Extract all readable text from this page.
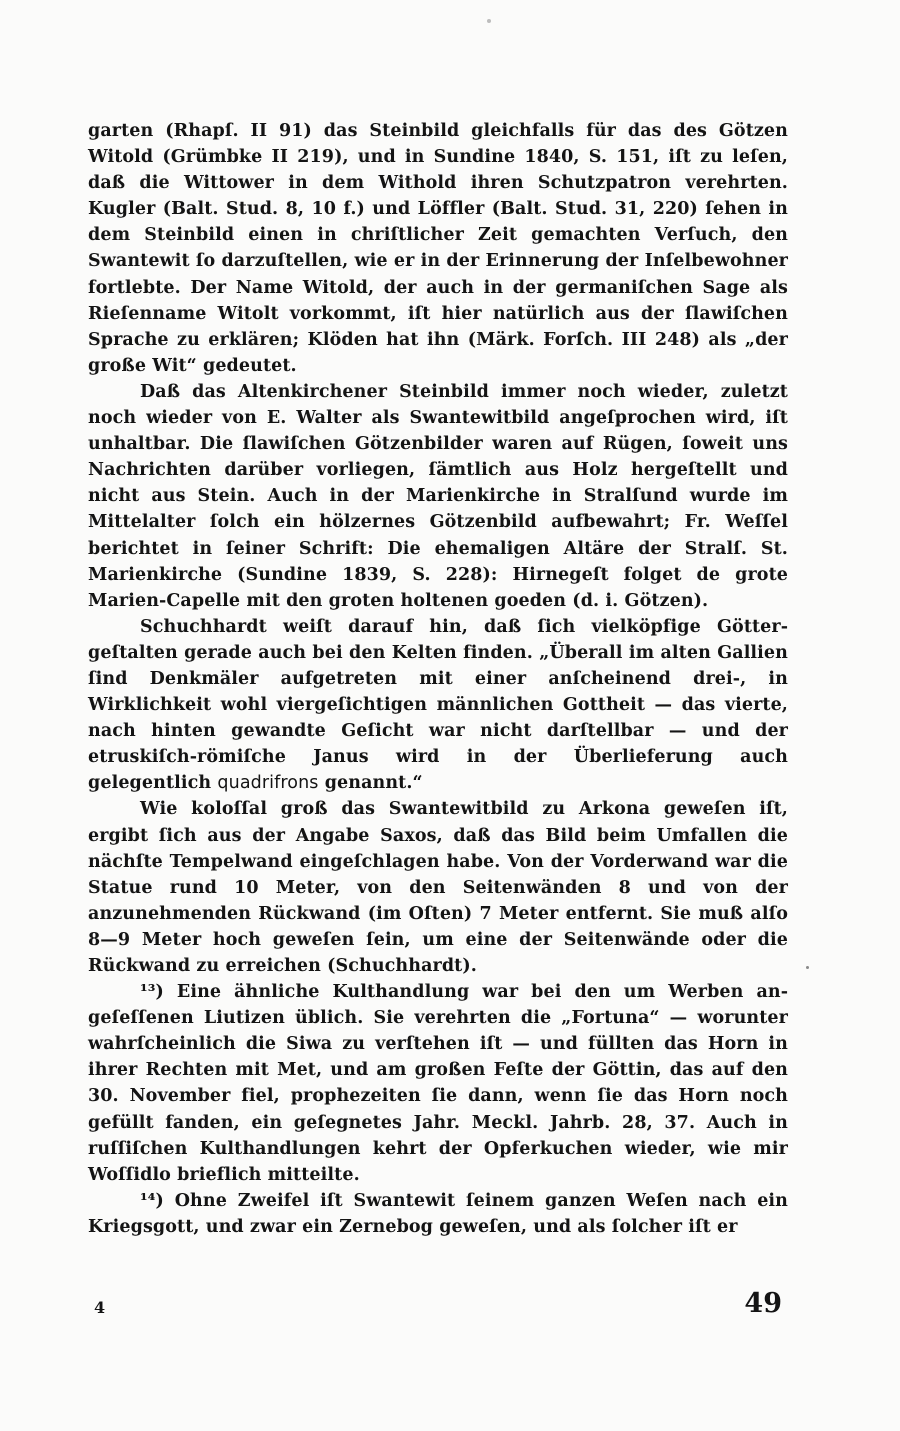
garten (Rhapſ. II 91) das Steinbild gleichfalls für das des Götzen Witold (Grümbke II 219), und in Sundine 1840, S. 151, iſt zu leſen, daß die Wittower in dem Withold ihren Schutzpatron verehrten. Kugler (Balt. Stud. 8, 10 f.) und Löffler (Balt. Stud. 31, 220) ſehen in dem Steinbild einen in chriſtlicher Zeit gemachten Verſuch, den Swantewit ſo darzuſtellen, wie er in der Erinnerung der Inſelbewohner fortlebte. Der Name Witold, der auch in der germaniſchen Sage als Rieſenname Witolt vorkommt, iſt hier natürlich aus der ſlawiſchen Sprache zu erklären; Klöden hat ihn (Märk. Forſch. III 248) als „der große Wit“ gedeutet.

Daß das Altenkirchener Steinbild immer noch wieder, zuletzt noch wieder von E. Walter als Swantewitbild angeſprochen wird, iſt unhaltbar. Die ſlawiſchen Götzenbilder waren auf Rügen, ſoweit uns Nachrichten darüber vorliegen, ſämtlich aus Holz hergeſtellt und nicht aus Stein. Auch in der Marienkirche in Stralſund wurde im Mittelalter ſolch ein hölzernes Götzenbild aufbewahrt; Fr. Weſſel berichtet in ſeiner Schrift: Die ehemaligen Altäre der Stralſ. St. Marienkirche (Sundine 1839, S. 228): Hirnegeſt folget de grote Marien-Capelle mit den groten holtenen goeden (d. i. Götzen).

Schuchhardt weiſt darauf hin, daß ſich vielköpfige Göttergeſtalten gerade auch bei den Kelten finden. „Überall im alten Gallien ſind Denkmäler aufgetreten mit einer anſcheinend drei-, in Wirklichkeit wohl viergeſichtigen männlichen Gottheit — das vierte, nach hinten gewandte Geſicht war nicht darſtellbar — und der etruskiſch-römiſche Janus wird in der Überlieferung auch gelegentlich quadrifrons genannt.“

Wie koloſſal groß das Swantewitbild zu Arkona geweſen iſt, ergibt ſich aus der Angabe Saxos, daß das Bild beim Umfallen die nächſte Tempelwand eingeſchlagen habe. Von der Vorderwand war die Statue rund 10 Meter, von den Seitenwänden 8 und von der anzunehmenden Rückwand (im Oſten) 7 Meter entfernt. Sie muß alſo 8—9 Meter hoch geweſen ſein, um eine der Seitenwände oder die Rückwand zu erreichen (Schuchhardt).

¹³) Eine ähnliche Kulthandlung war bei den um Werben angeſeſſenen Liutizen üblich. Sie verehrten die „Fortuna“ — worunter wahrſcheinlich die Siwa zu verſtehen iſt — und füllten das Horn in ihrer Rechten mit Met, und am großen Feſte der Göttin, das auf den 30. November fiel, prophezeiten ſie dann, wenn ſie das Horn noch gefüllt fanden, ein geſegnetes Jahr. Meckl. Jahrb. 28, 37. Auch in ruſſiſchen Kulthandlungen kehrt der Opferkuchen wieder, wie mir Woſſidlo brieflich mitteilte.

¹⁴) Ohne Zweifel iſt Swantewit ſeinem ganzen Weſen nach ein Kriegsgott, und zwar ein Zernebog geweſen, und als ſolcher iſt er

4	49
